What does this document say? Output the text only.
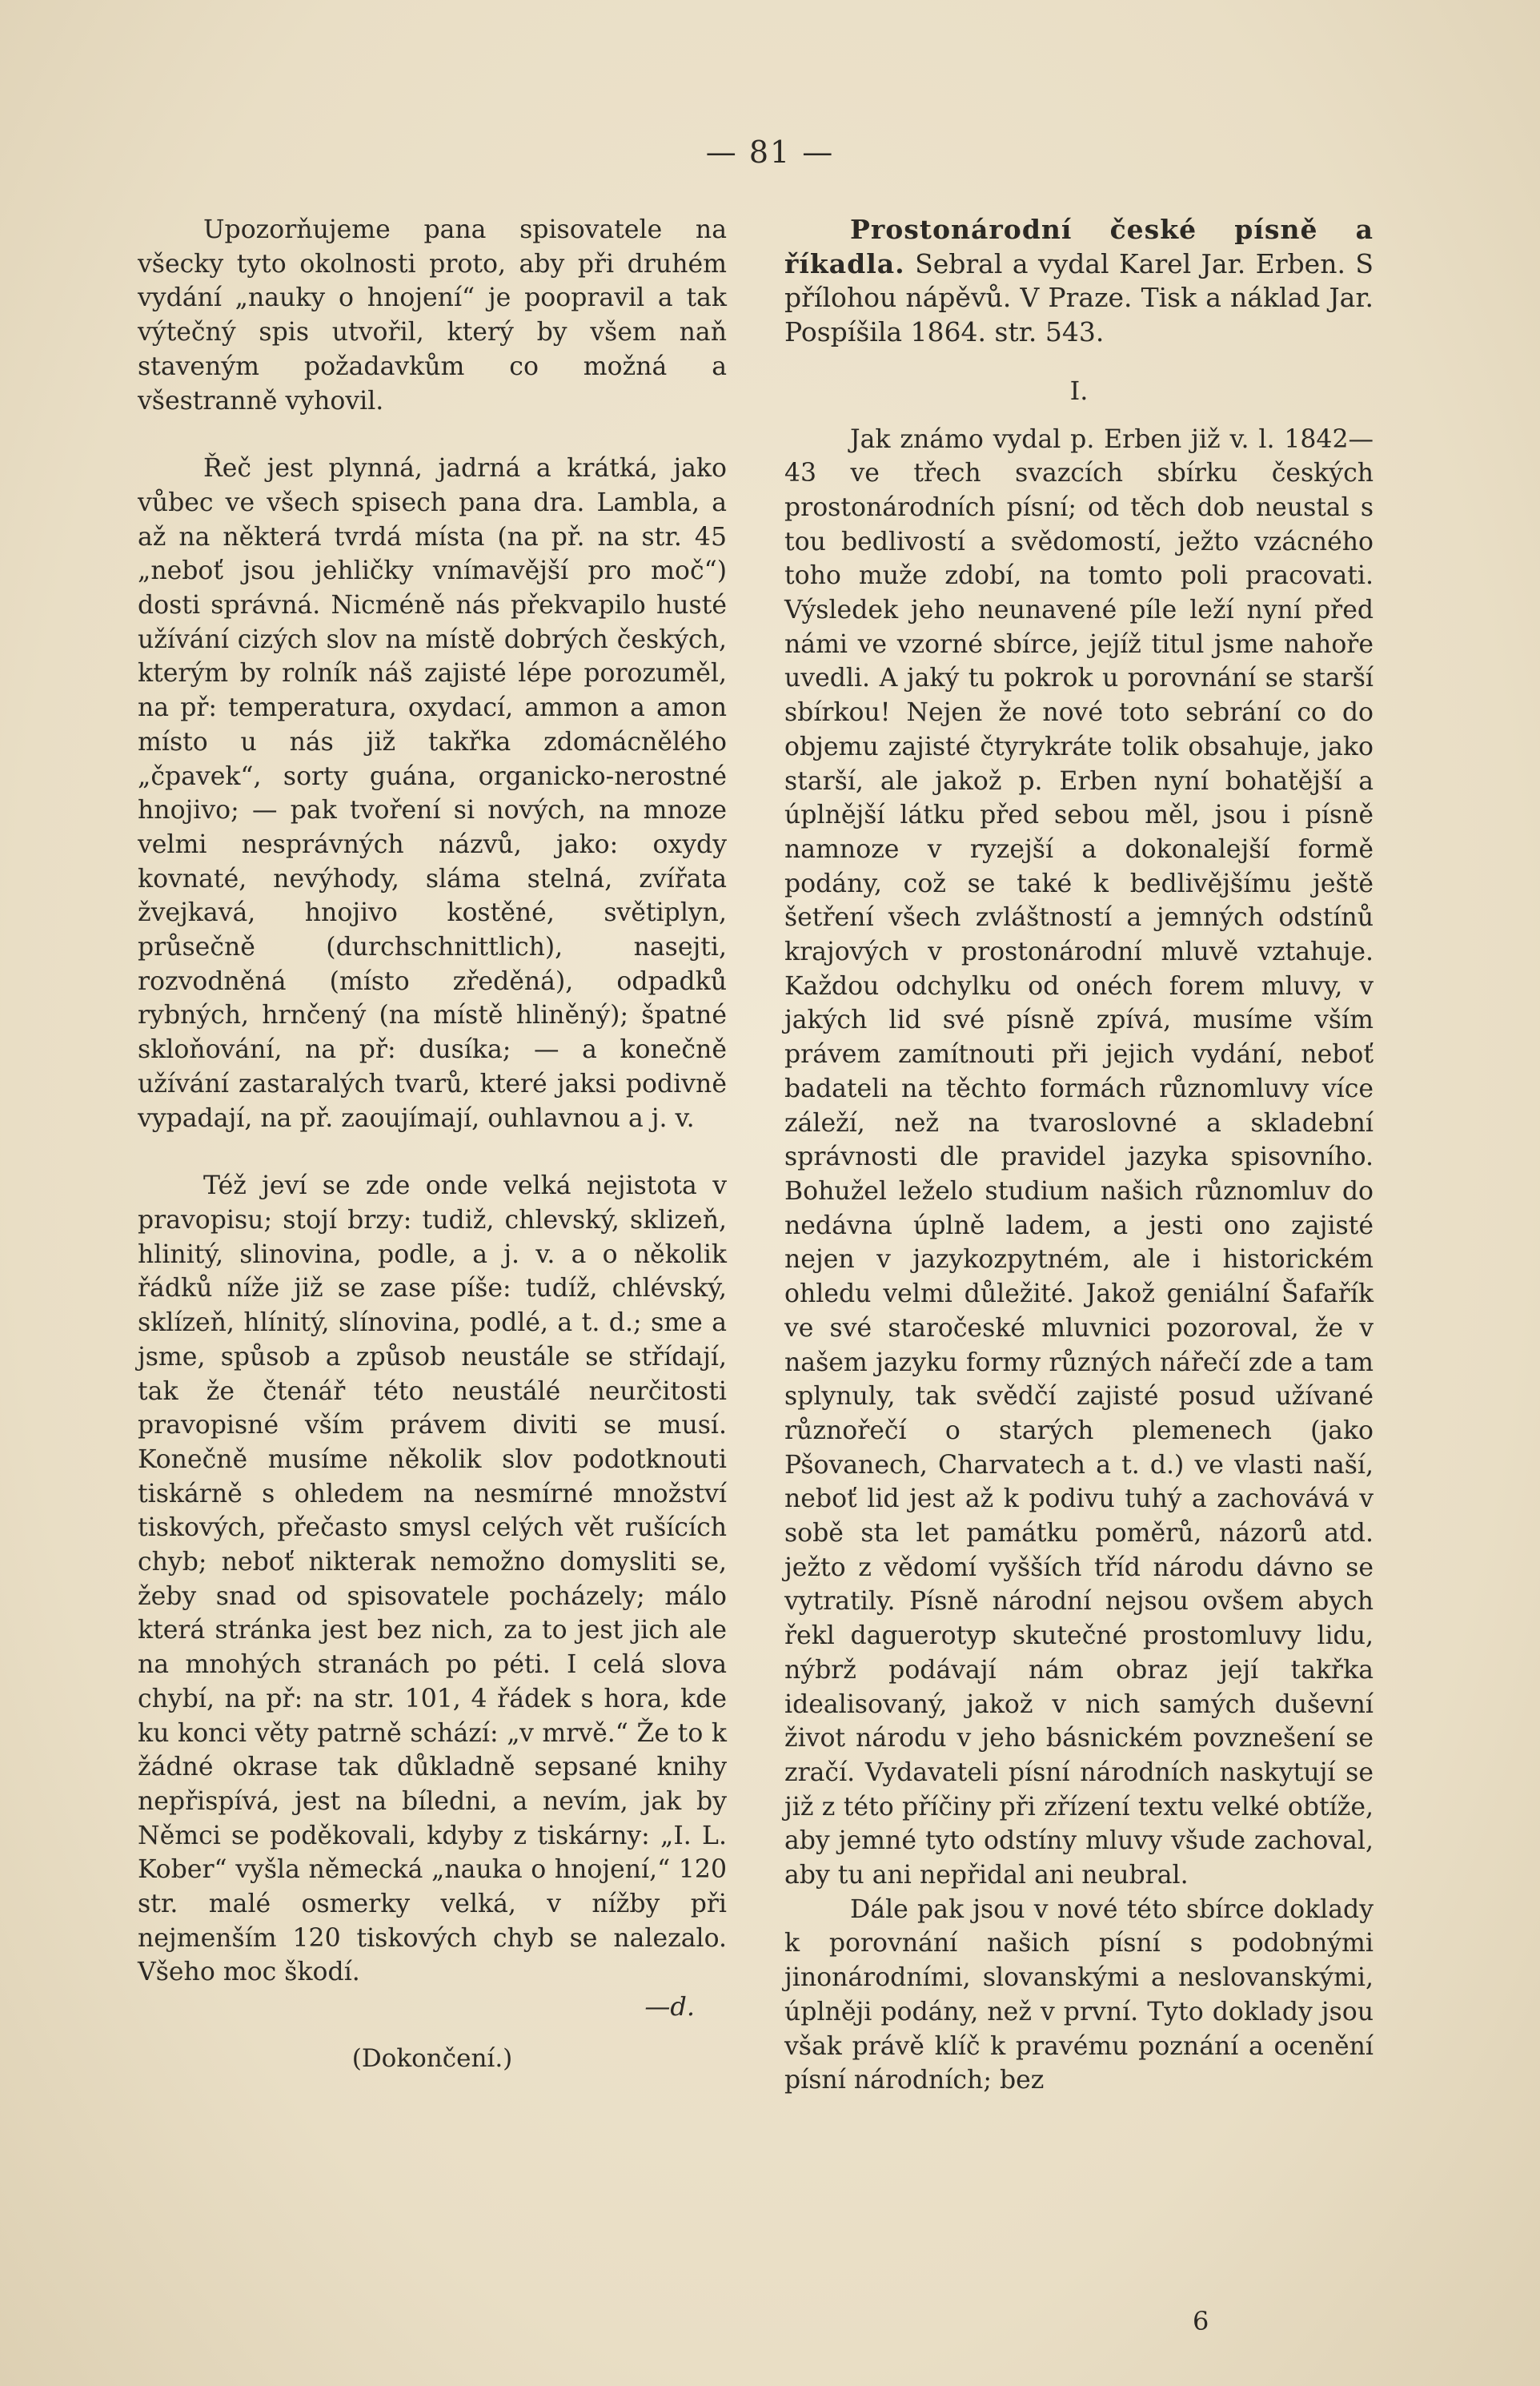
— 81 —

Upozorňujeme pana spisovatele na všecky tyto okolnosti proto, aby při druhém vydání „nauky o hnojení“ je poopravil a tak výtečný spis utvořil, který by všem naň staveným požadavkům co možná a všestranně vyhovil.

Řeč jest plynná, jadrná a krátká, jako vůbec ve všech spisech pana dra. Lambla, a až na některá tvrdá místa (na př. na str. 45 „neboť jsou jehličky vnímavější pro moč“) dosti správná. Nicméně nás překvapilo husté užívání cizých slov na místě dobrých českých, kterým by rolník náš zajisté lépe porozuměl, na př: temperatura, oxydací, ammon a amon místo u nás již takřka zdomácnělého „čpavek“, sorty guána, organicko-nerostné hnojivo; — pak tvoření si nových, na mnoze velmi nesprávných názvů, jako: oxydy kovnaté, nevýhody, sláma stelná, zvířata žvejkavá, hnojivo kostěné, světiplyn, průsečně (durchschnittlich), nasejti, rozvodněná (místo zředěná), odpadků rybných, hrnčený (na místě hliněný); špatné skloňování, na př: dusíka; — a konečně užívání zastaralých tvarů, které jaksi podivně vypadají, na př. zaoujímají, ouhlavnou a j. v.

Též jeví se zde onde velká nejistota v pravopisu; stojí brzy: tudiž, chlevský, sklizeň, hlinitý, slinovina, podle, a j. v. a o několik řádků níže již se zase píše: tudíž, chlévský, sklízeň, hlínitý, slínovina, podlé, a t. d.; sme a jsme, spůsob a způsob neustále se střídají, tak že čtenář této neustálé neurčitosti pravopisné vším právem diviti se musí. Konečně musíme několik slov podotknouti tiskárně s ohledem na nesmírné množství tiskových, přečasto smysl celých vět rušících chyb; neboť nikterak nemožno domysliti se, žeby snad od spisovatele pocházely; málo která stránka jest bez nich, za to jest jich ale na mnohých stranách po péti. I celá slova chybí, na př: na str. 101, 4 řádek s hora, kde ku konci věty patrně schází: „v mrvě.“ Že to k žádné okrase tak důkladně sepsané knihy nepřispívá, jest na bíledni, a nevím, jak by Němci se poděkovali, kdyby z tiskárny: „I. L. Kober“ vyšla německá „nauka o hnojení,“ 120 str. malé osmerky velká, v nížby při nejmenším 120 tiskových chyb se nalezalo. Všeho moc škodí.

—d.
(Dokončení.)

Prostonárodní české písně a říkadla. Sebral a vydal Karel Jar. Erben. S přílohou nápěvů. V Praze. Tisk a náklad Jar. Pospíšila 1864. str. 543.

I.

Jak známo vydal p. Erben již v. l. 1842—43 ve třech svazcích sbírku českých prostonárodních písní; od těch dob neustal s tou bedlivostí a svědomostí, ježto vzácného toho muže zdobí, na tomto poli pracovati. Výsledek jeho neunavené píle leží nyní před námi ve vzorné sbírce, jejíž titul jsme nahoře uvedli. A jaký tu pokrok u porovnání se starší sbírkou! Nejen že nové toto sebrání co do objemu zajisté čtyrykráte tolik obsahuje, jako starší, ale jakož p. Erben nyní bohatější a úplnější látku před sebou měl, jsou i písně namnoze v ryzejší a dokonalejší formě podány, což se také k bedlivějšímu ještě šetření všech zvláštností a jemných odstínů krajových v prostonárodní mluvě vztahuje. Každou odchylku od onéch forem mluvy, v jakých lid své písně zpívá, musíme vším právem zamítnouti při jejich vydání, neboť badateli na těchto formách různomluvy více záleží, než na tvaroslovné a skladební správnosti dle pravidel jazyka spisovního. Bohužel leželo studium našich různomluv do nedávna úplně ladem, a jesti ono zajisté nejen v jazykozpytném, ale i historickém ohledu velmi důležité. Jakož geniální Šafařík ve své staročeské mluvnici pozoroval, že v našem jazyku formy různých nářečí zde a tam splynuly, tak svědčí zajisté posud užívané různořečí o starých plemenech (jako Pšovanech, Charvatech a t. d.) ve vlasti naší, neboť lid jest až k podivu tuhý a zachovává v sobě sta let památku poměrů, názorů atd. ježto z vědomí vyšších tříd národu dávno se vytratily. Písně národní nejsou ovšem abych řekl daguerotyp skutečné prostomluvy lidu, nýbrž podávají nám obraz její takřka idealisovaný, jakož v nich samých duševní život národu v jeho básnickém povznešení se zračí. Vydavateli písní národních naskytují se již z této příčiny při zřízení textu velké obtíže, aby jemné tyto odstíny mluvy všude zachoval, aby tu ani nepřidal ani neubral.

Dále pak jsou v nové této sbírce doklady k porovnání našich písní s podobnými jinonárodními, slovanskými a neslovanskými, úplněji podány, než v první. Tyto doklady jsou však právě klíč k pravému poznání a ocenění písní národních; bez

6
